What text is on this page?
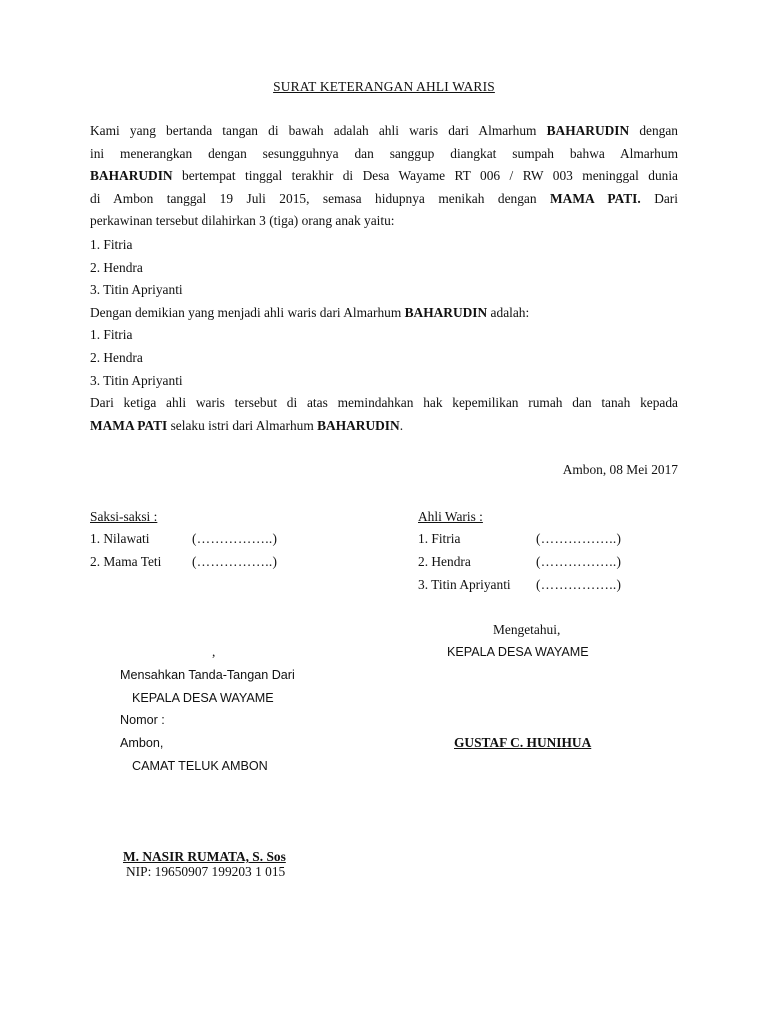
SURAT KETERANGAN AHLI WARIS
Kami yang bertanda tangan di bawah adalah ahli waris dari Almarhum BAHARUDIN dengan
ini menerangkan dengan sesungguhnya dan sanggup diangkat sumpah bahwa Almarhum
BAHARUDIN bertempat tinggal terakhir di Desa Wayame RT 006 / RW 003 meninggal dunia
di Ambon tanggal 19 Juli 2015, semasa hidupnya menikah dengan MAMA PATI. Dari
perkawinan tersebut dilahirkan 3 (tiga) orang anak yaitu:
1. Fitria
2. Hendra
3. Titin Apriyanti
Dengan demikian yang menjadi ahli waris dari Almarhum BAHARUDIN adalah:
1. Fitria
2. Hendra
3. Titin Apriyanti
Dari ketiga ahli waris tersebut di atas memindahkan hak kepemilikan rumah dan tanah kepada
MAMA PATI selaku istri dari Almarhum BAHARUDIN.
Ambon, 08 Mei 2017
Saksi-saksi :
1. Nilawati	(……………..)
2. Mama Teti (……………..)
Ahli Waris :
1. Fitria	(……………..)
2. Hendra	(……………..)
3. Titin Apriyanti (……………..)
Mengetahui,
KEPALA DESA WAYAME
GUSTAF C. HUNIHUA
,
Mensahkan Tanda-Tangan Dari
KEPALA DESA WAYAME
Nomor :
Ambon,
CAMAT TELUK AMBON
M. NASIR RUMATA, S. Sos
NIP: 19650907 199203 1 015
